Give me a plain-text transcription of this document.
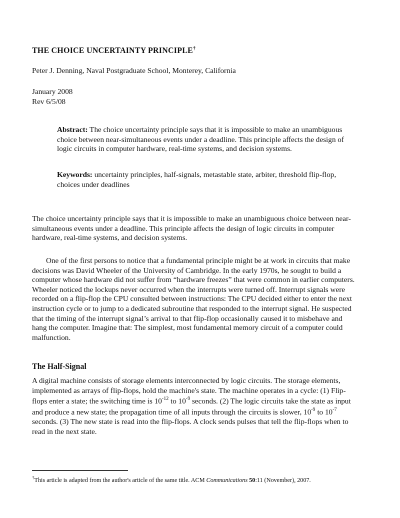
THE CHOICE UNCERTAINTY PRINCIPLE†
Peter J. Denning, Naval Postgraduate School, Monterey, California
January 2008
Rev 6/5/08
Abstract: The choice uncertainty principle says that it is impossible to make an unambiguous choice between near-simultaneous events under a deadline. This principle affects the design of logic circuits in computer hardware, real-time systems, and decision systems.
Keywords: uncertainty principles, half-signals, metastable state, arbiter, threshold flip-flop, choices under deadlines
The choice uncertainty principle says that it is impossible to make an unambiguous choice between near-simultaneous events under a deadline. This principle affects the design of logic circuits in computer hardware, real-time systems, and decision systems.
One of the first persons to notice that a fundamental principle might be at work in circuits that make decisions was David Wheeler of the University of Cambridge. In the early 1970s, he sought to build a computer whose hardware did not suffer from “hardware freezes” that were common in earlier computers. Wheeler noticed the lockups never occurred when the interrupts were turned off. Interrupt signals were recorded on a flip-flop the CPU consulted between instructions: The CPU decided either to enter the next instruction cycle or to jump to a dedicated subroutine that responded to the interrupt signal. He suspected that the timing of the interrupt signal’s arrival to that flip-flop occasionally caused it to misbehave and hang the computer. Imagine that: The simplest, most fundamental memory circuit of a computer could malfunction.
The Half-Signal
A digital machine consists of storage elements interconnected by logic circuits. The storage elements, implemented as arrays of flip-flops, hold the machine's state. The machine operates in a cycle: (1) Flip-flops enter a state; the switching time is $10^{-12}$ to $10^{-9}$ seconds. (2) The logic circuits take the state as input and produce a new state; the propagation time of all inputs through the circuits is slower, $10^{-9}$ to $10^{-7}$ seconds. (3) The new state is read into the flip-flops. A clock sends pulses that tell the flip-flops when to read in the next state.
†This article is adapted from the author's article of the same title. ACM Communications 50:11 (November), 2007.
